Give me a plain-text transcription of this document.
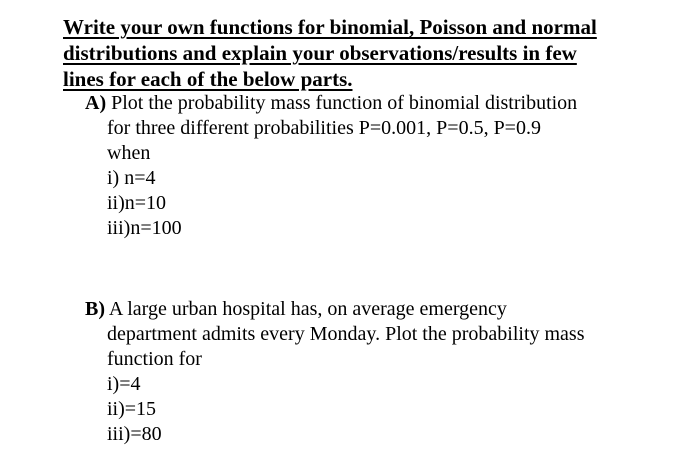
Write your own functions for binomial, Poisson and normal
distributions and explain your observations/results in few
lines for each of the below parts.
A) Plot the probability mass function of binomial distribution
for three different probabilities P=0.001, P=0.5, P=0.9
when
i) n=4
ii)n=10
iii)n=100
B) A large urban hospital has, on average emergency
department admits every Monday. Plot the probability mass
function for
i)=4
ii)=15
iii)=80
